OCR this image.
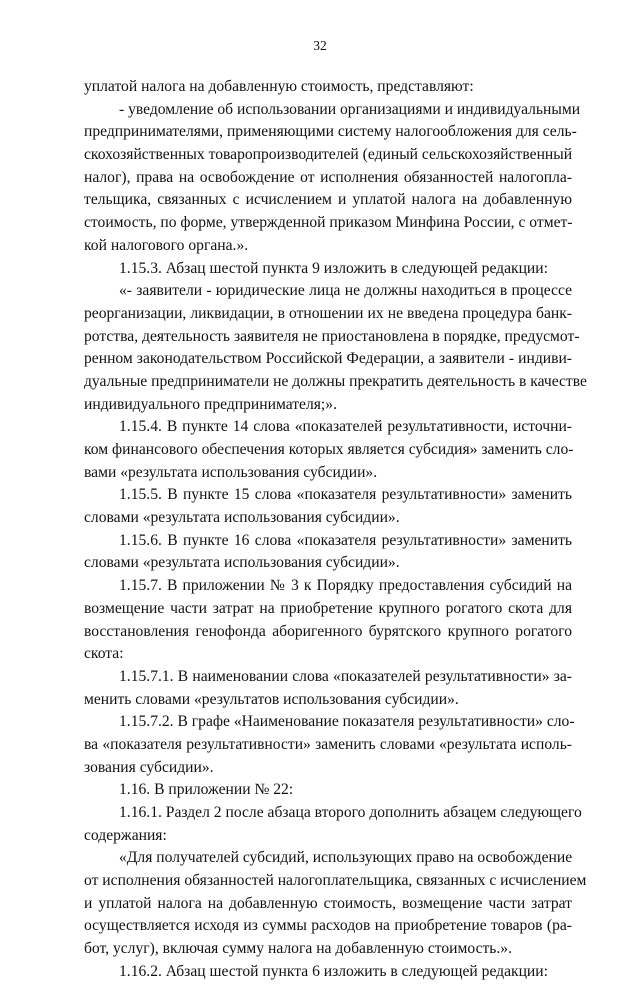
32
уплатой налога на добавленную стоимость, представляют:
- уведомление об использовании организациями и индивидуальными
предпринимателями, применяющими систему налогообложения для сель-
скохозяйственных товаропроизводителей (единый сельскохозяйственный
налог), права на освобождение от исполнения обязанностей налогопла-
тельщика, связанных с исчислением и уплатой налога на добавленную
стоимость, по форме, утвержденной приказом Минфина России, с отмет-
кой налогового органа.».
1.15.3. Абзац шестой пункта 9 изложить в следующей редакции:
«- заявители - юридические лица не должны находиться в процессе
реорганизации, ликвидации, в отношении их не введена процедура банк-
ротства, деятельность заявителя не приостановлена в порядке, предусмот-
ренном законодательством Российской Федерации, а заявители - индиви-
дуальные предприниматели не должны прекратить деятельность в качестве
индивидуального предпринимателя;».
1.15.4. В пункте 14 слова «показателей результативности, источни-
ком финансового обеспечения которых является субсидия» заменить сло-
вами «результата использования субсидии».
1.15.5. В пункте 15 слова «показателя результативности» заменить
словами «результата использования субсидии».
1.15.6. В пункте 16 слова «показателя результативности» заменить
словами «результата использования субсидии».
1.15.7. В приложении № 3 к Порядку предоставления субсидий на
возмещение части затрат на приобретение крупного рогатого скота для
восстановления генофонда аборигенного бурятского крупного рогатого
скота:
1.15.7.1. В наименовании слова «показателей результативности» за-
менить словами «результатов использования субсидии».
1.15.7.2. В графе «Наименование показателя результативности» сло-
ва «показателя результативности» заменить словами «результата исполь-
зования субсидии».
1.16. В приложении № 22:
1.16.1. Раздел 2 после абзаца второго дополнить абзацем следующего
содержания:
«Для получателей субсидий, использующих право на освобождение
от исполнения обязанностей налогоплательщика, связанных с исчислением
и уплатой налога на добавленную стоимость, возмещение части затрат
осуществляется исходя из суммы расходов на приобретение товаров (ра-
бот, услуг), включая сумму налога на добавленную стоимость.».
1.16.2. Абзац шестой пункта 6 изложить в следующей редакции:
